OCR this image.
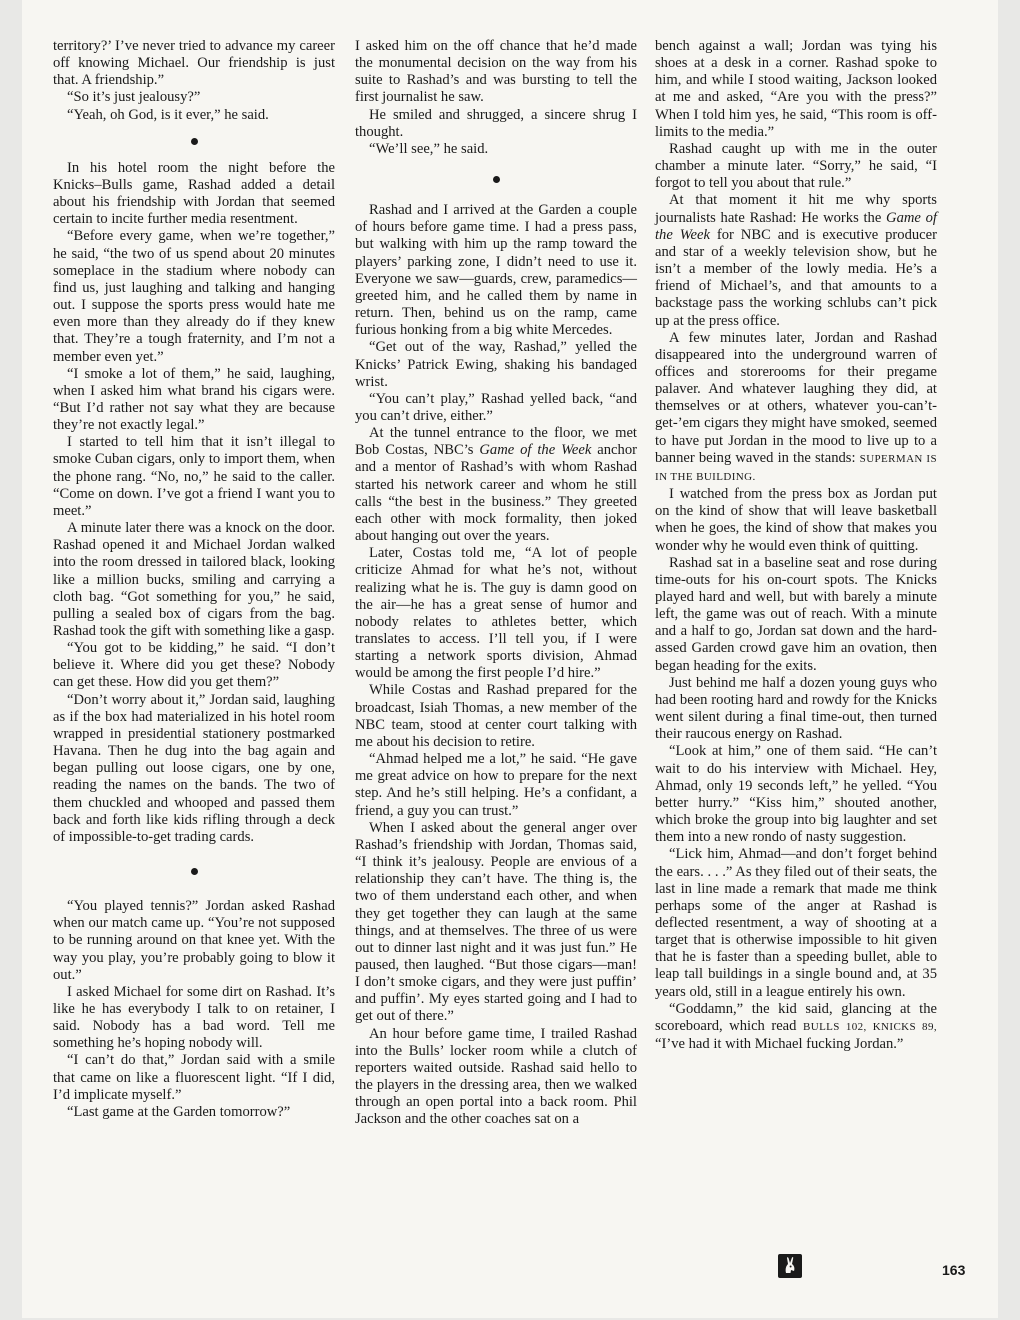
territory?’ I’ve never tried to advance my career off knowing Michael. Our friendship is just that. A friendship.”

“So it’s just jealousy?”

“Yeah, oh God, is it ever,” he said.

In his hotel room the night before the Knicks–Bulls game, Rashad added a detail about his friendship with Jordan that seemed certain to incite further media resentment.

“Before every game, when we’re together,” he said, “the two of us spend about 20 minutes someplace in the stadium where nobody can find us, just laughing and talking and hanging out. I suppose the sports press would hate me even more than they already do if they knew that. They’re a tough fraternity, and I’m not a member even yet.”

“I smoke a lot of them,” he said, laughing, when I asked him what brand his cigars were. “But I’d rather not say what they are because they’re not exactly legal.”

I started to tell him that it isn’t illegal to smoke Cuban cigars, only to import them, when the phone rang. “No, no,” he said to the caller. “Come on down. I’ve got a friend I want you to meet.”

A minute later there was a knock on the door. Rashad opened it and Michael Jordan walked into the room dressed in tailored black, looking like a million bucks, smiling and carrying a cloth bag. “Got something for you,” he said, pulling a sealed box of cigars from the bag. Rashad took the gift with something like a gasp.

“You got to be kidding,” he said. “I don’t believe it. Where did you get these? Nobody can get these. How did you get them?”

“Don’t worry about it,” Jordan said, laughing as if the box had materialized in his hotel room wrapped in presidential stationery postmarked Havana. Then he dug into the bag again and began pulling out loose cigars, one by one, reading the names on the bands. The two of them chuckled and whooped and passed them back and forth like kids rifling through a deck of impossible-to-get trading cards.

“You played tennis?” Jordan asked Rashad when our match came up. “You’re not supposed to be running around on that knee yet. With the way you play, you’re probably going to blow it out.”

I asked Michael for some dirt on Rashad. It’s like he has everybody I talk to on retainer, I said. Nobody has a bad word. Tell me something he’s hoping nobody will.

“I can’t do that,” Jordan said with a smile that came on like a fluorescent light. “If I did, I’d implicate myself.”

“Last game at the Garden tomorrow?”

I asked him on the off chance that he’d made the monumental decision on the way from his suite to Rashad’s and was bursting to tell the first journalist he saw.

He smiled and shrugged, a sincere shrug I thought.

“We’ll see,” he said.

Rashad and I arrived at the Garden a couple of hours before game time. I had a press pass, but walking with him up the ramp toward the players’ parking zone, I didn’t need to use it. Everyone we saw—guards, crew, paramedics—greeted him, and he called them by name in return. Then, behind us on the ramp, came furious honking from a big white Mercedes.

“Get out of the way, Rashad,” yelled the Knicks’ Patrick Ewing, shaking his bandaged wrist.

“You can’t play,” Rashad yelled back, “and you can’t drive, either.”

At the tunnel entrance to the floor, we met Bob Costas, NBC’s Game of the Week anchor and a mentor of Rashad’s with whom Rashad started his network career and whom he still calls “the best in the business.” They greeted each other with mock formality, then joked about hanging out over the years.

Later, Costas told me, “A lot of people criticize Ahmad for what he’s not, without realizing what he is. The guy is damn good on the air—he has a great sense of humor and nobody relates to athletes better, which translates to access. I’ll tell you, if I were starting a network sports division, Ahmad would be among the first people I’d hire.”

While Costas and Rashad prepared for the broadcast, Isiah Thomas, a new member of the NBC team, stood at center court talking with me about his decision to retire.

“Ahmad helped me a lot,” he said. “He gave me great advice on how to prepare for the next step. And he’s still helping. He’s a confidant, a friend, a guy you can trust.”

When I asked about the general anger over Rashad’s friendship with Jordan, Thomas said, “I think it’s jealousy. People are envious of a relationship they can’t have. The thing is, the two of them understand each other, and when they get together they can laugh at the same things, and at themselves. The three of us were out to dinner last night and it was just fun.” He paused, then laughed. “But those cigars—man! I don’t smoke cigars, and they were just puffin’ and puffin’. My eyes started going and I had to get out of there.”

An hour before game time, I trailed Rashad into the Bulls’ locker room while a clutch of reporters waited outside. Rashad said hello to the players in the dressing area, then we walked through an open portal into a back room. Phil Jackson and the other coaches sat on a

bench against a wall; Jordan was tying his shoes at a desk in a corner. Rashad spoke to him, and while I stood waiting, Jackson looked at me and asked, “Are you with the press?” When I told him yes, he said, “This room is off-limits to the media.”

Rashad caught up with me in the outer chamber a minute later. “Sorry,” he said, “I forgot to tell you about that rule.”

At that moment it hit me why sports journalists hate Rashad: He works the Game of the Week for NBC and is executive producer and star of a weekly television show, but he isn’t a member of the lowly media. He’s a friend of Michael’s, and that amounts to a backstage pass the working schlubs can’t pick up at the press office.

A few minutes later, Jordan and Rashad disappeared into the underground warren of offices and storerooms for their pregame palaver. And whatever laughing they did, at themselves or at others, whatever you-can’t-get-’em cigars they might have smoked, seemed to have put Jordan in the mood to live up to a banner being waved in the stands: SUPERMAN IS IN THE BUILDING.

I watched from the press box as Jordan put on the kind of show that will leave basketball when he goes, the kind of show that makes you wonder why he would even think of quitting.

Rashad sat in a baseline seat and rose during time-outs for his on-court spots. The Knicks played hard and well, but with barely a minute left, the game was out of reach. With a minute and a half to go, Jordan sat down and the hard-assed Garden crowd gave him an ovation, then began heading for the exits.

Just behind me half a dozen young guys who had been rooting hard and rowdy for the Knicks went silent during a final time-out, then turned their raucous energy on Rashad.

“Look at him,” one of them said. “He can’t wait to do his interview with Michael. Hey, Ahmad, only 19 seconds left,” he yelled. “You better hurry.” “Kiss him,” shouted another, which broke the group into big laughter and set them into a new rondo of nasty suggestion.

“Lick him, Ahmad—and don’t forget behind the ears. . . .” As they filed out of their seats, the last in line made a remark that made me think perhaps some of the anger at Rashad is deflected resentment, a way of shooting at a target that is otherwise impossible to hit given that he is faster than a speeding bullet, able to leap tall buildings in a single bound and, at 35 years old, still in a league entirely his own.

“Goddamn,” the kid said, glancing at the scoreboard, which read BULLS 102, KNICKS 89, “I’ve had it with Michael fucking Jordan.”

163
